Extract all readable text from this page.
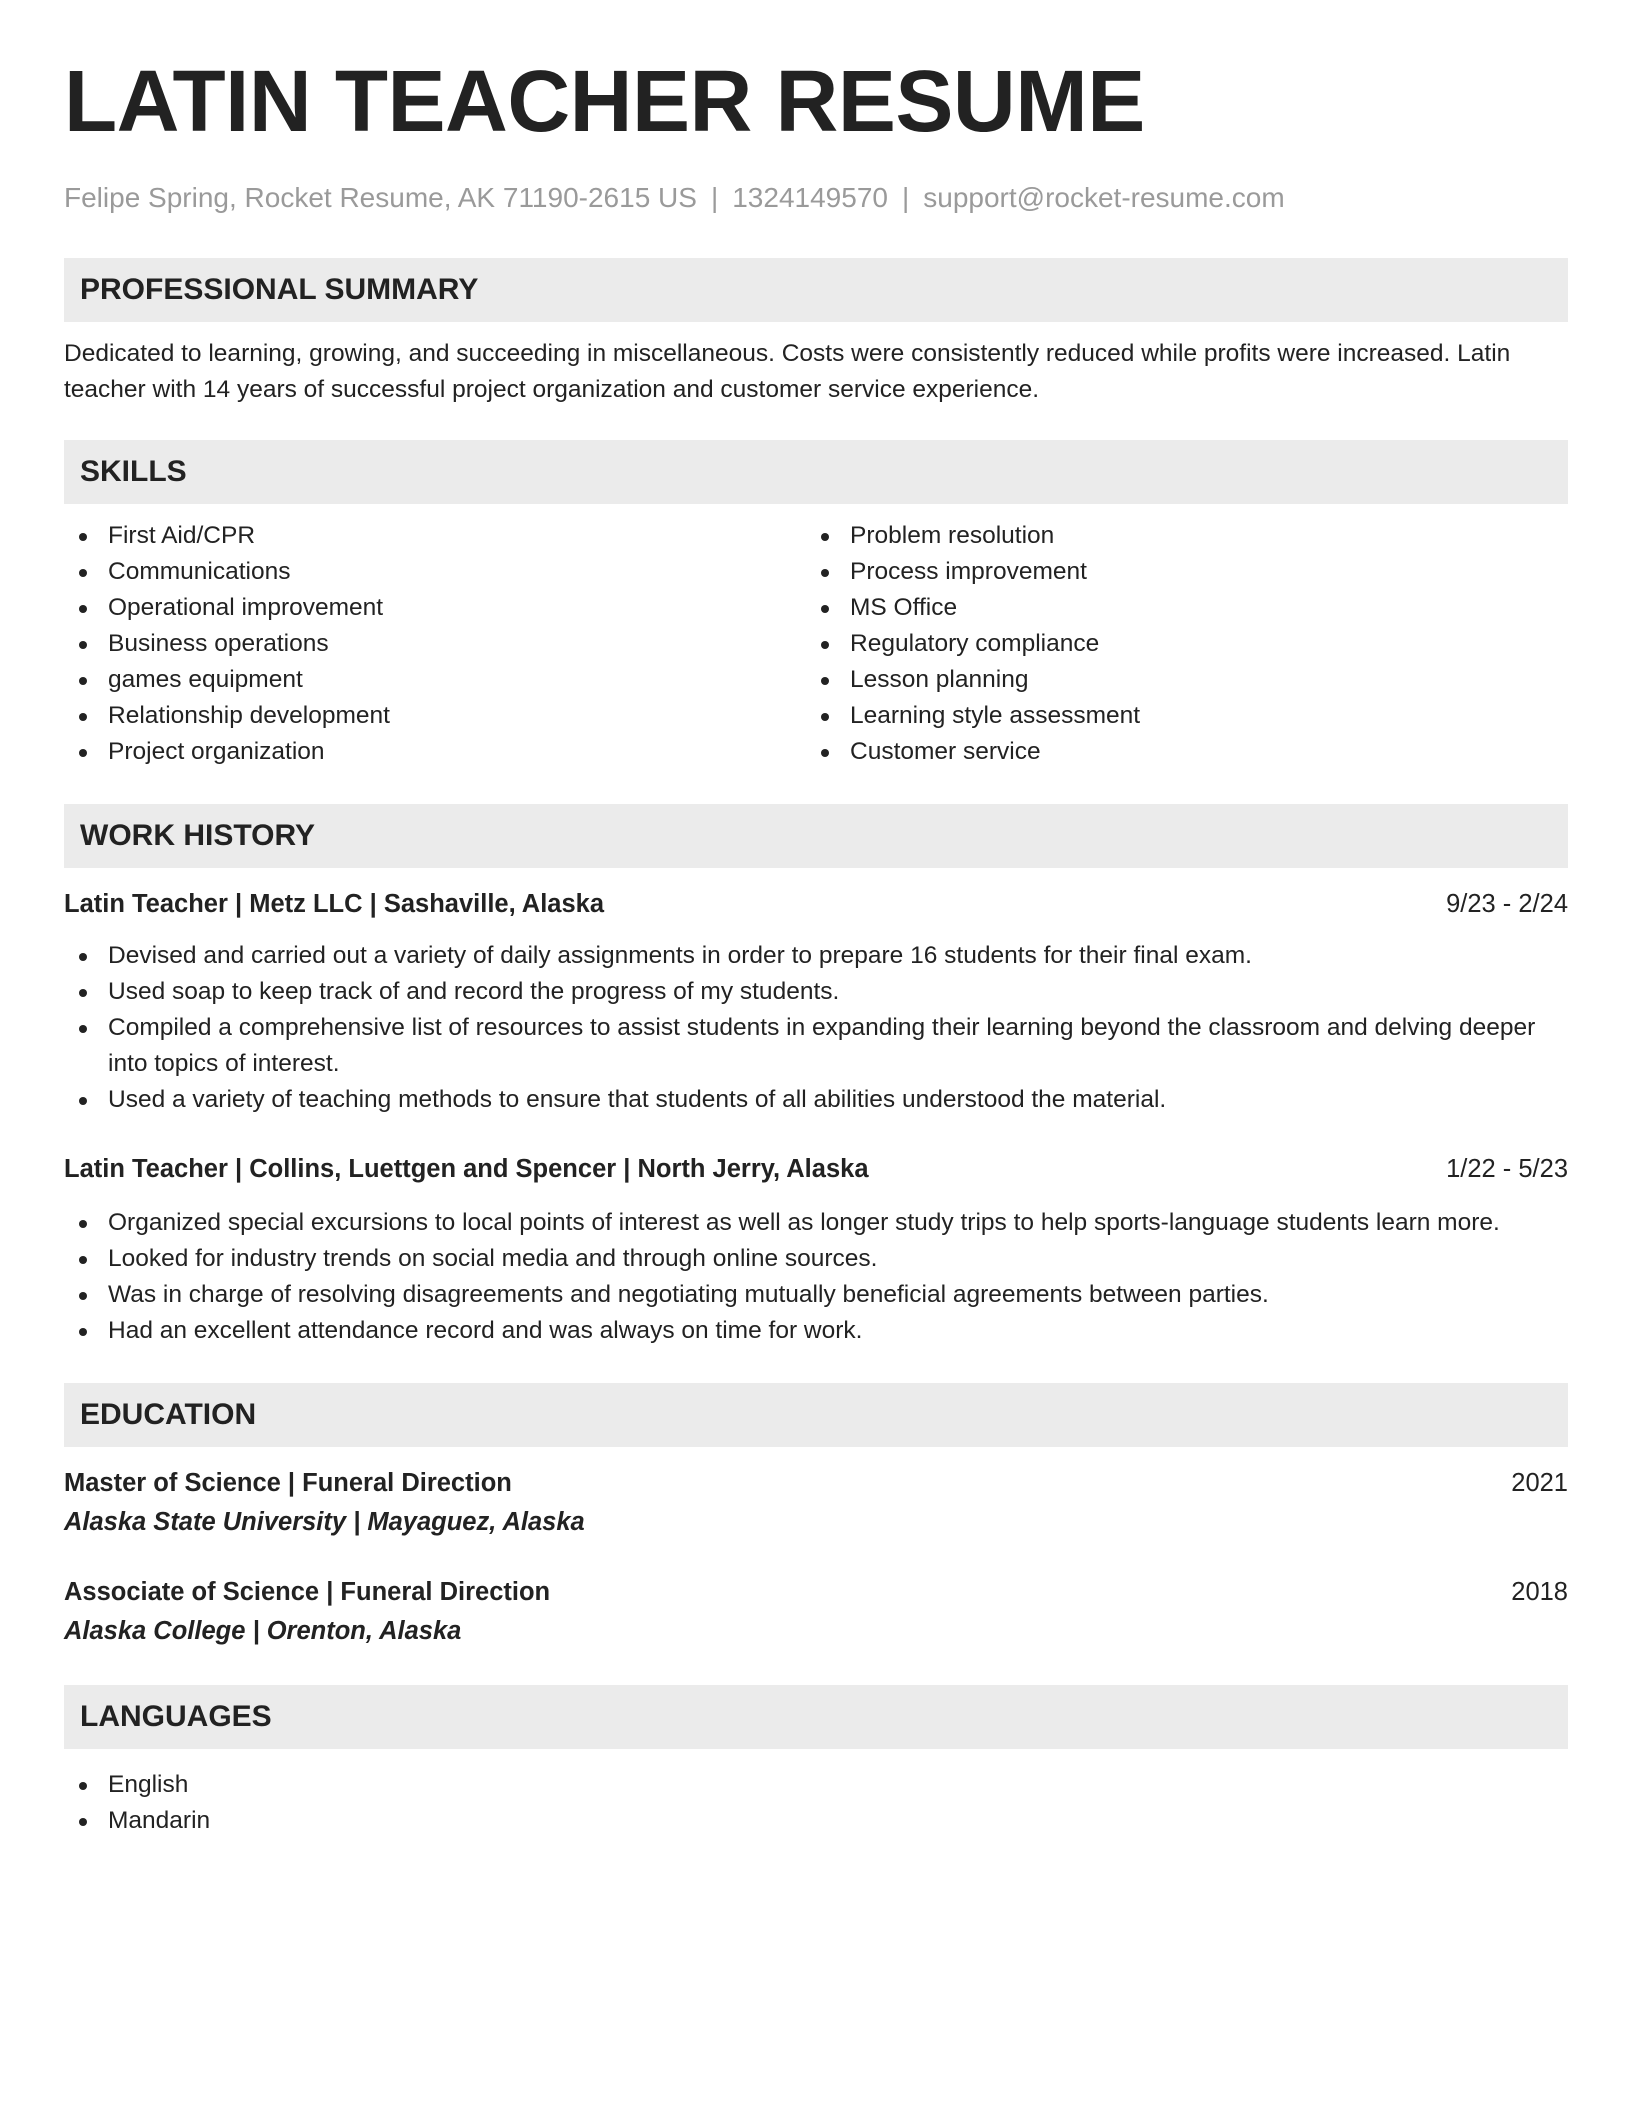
LATIN TEACHER RESUME
Felipe Spring, Rocket Resume, AK 71190-2615 US | 1324149570 | support@rocket-resume.com
PROFESSIONAL SUMMARY

Dedicated to learning, growing, and succeeding in miscellaneous. Costs were consistently reduced while profits were increased. Latin teacher with 14 years of successful project organization and customer service experience.

SKILLS
First Aid/CPR
Communications
Operational improvement
Business operations
games equipment
Relationship development
Project organization
Problem resolution
Process improvement
MS Office
Regulatory compliance
Lesson planning
Learning style assessment
Customer service
WORK HISTORY
Latin Teacher | Metz LLC | Sashaville, Alaska	9/23 - 2/24
Devised and carried out a variety of daily assignments in order to prepare 16 students for their final exam.
Used soap to keep track of and record the progress of my students.
Compiled a comprehensive list of resources to assist students in expanding their learning beyond the classroom and delving deeper into topics of interest.
Used a variety of teaching methods to ensure that students of all abilities understood the material.
Latin Teacher | Collins, Luettgen and Spencer | North Jerry, Alaska	1/22 - 5/23
Organized special excursions to local points of interest as well as longer study trips to help sports-language students learn more.
Looked for industry trends on social media and through online sources.
Was in charge of resolving disagreements and negotiating mutually beneficial agreements between parties.
Had an excellent attendance record and was always on time for work.
EDUCATION
Master of Science | Funeral Direction	2021
Alaska State University | Mayaguez, Alaska
Associate of Science | Funeral Direction	2018
Alaska College | Orenton, Alaska
LANGUAGES
English
Mandarin
